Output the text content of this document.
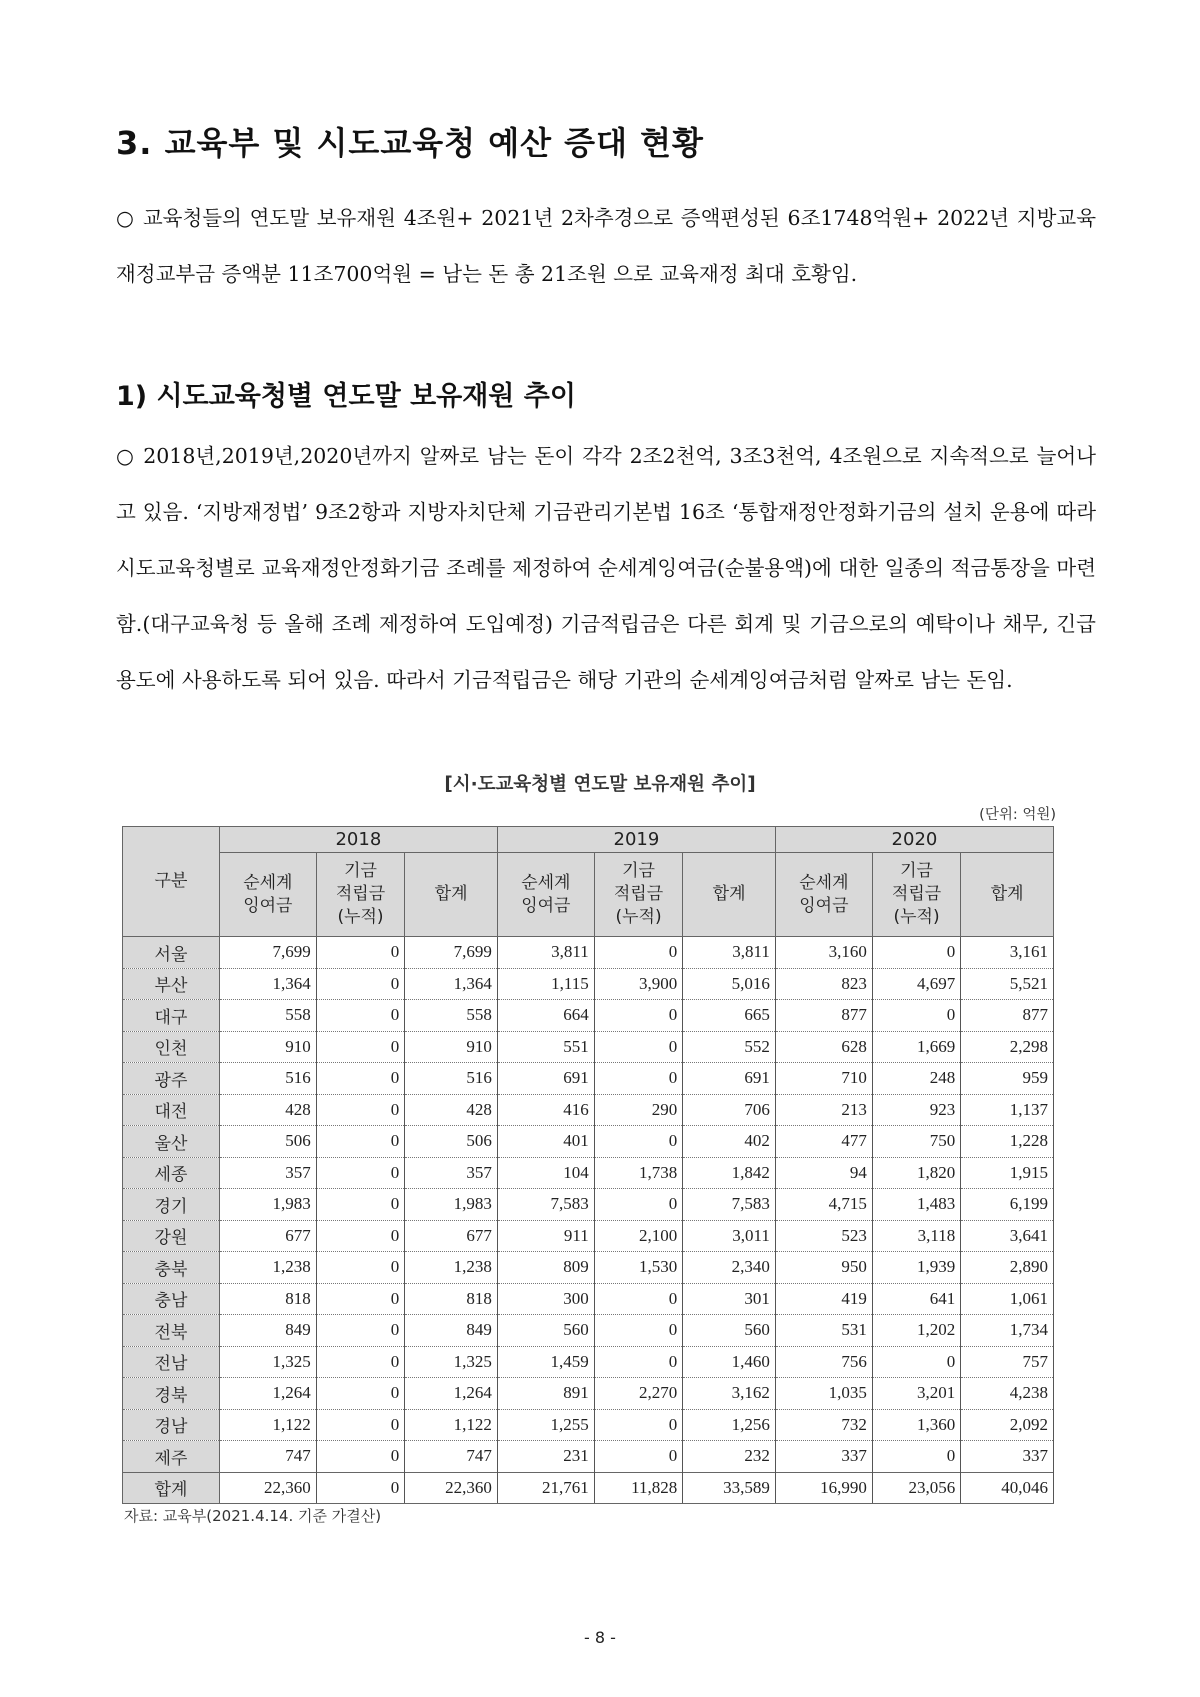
3. 교육부 및 시도교육청 예산 증대 현황

○ 교육청들의 연도말 보유재원 4조원+ 2021년 2차추경으로 증액편성된 6조1748억원+ 2022년 지방교육재정교부금 증액분 11조700억원 = 남는 돈 총 21조원 으로 교육재정 최대 호황임.

1) 시도교육청별 연도말 보유재원 추이

○ 2018년,2019년,2020년까지 알짜로 남는 돈이 각각 2조2천억, 3조3천억, 4조원으로 지속적으로 늘어나고 있음. ‘지방재정법’ 9조2항과 지방자치단체 기금관리기본법 16조 ‘통합재정안정화기금의 설치 운용에 따라 시도교육청별로 교육재정안정화기금 조례를 제정하여 순세계잉여금(순불용액)에 대한 일종의 적금통장을 마련함.(대구교육청 등 올해 조례 제정하여 도입예정) 기금적립금은 다른 회계 및 기금으로의 예탁이나 채무, 긴급용도에 사용하도록 되어 있음. 따라서 기금적립금은 해당 기관의 순세계잉여금처럼 알짜로 남는 돈임.

[시·도교육청별 연도말 보유재원 추이]
(단위: 억원)
구분	2018			2019			2020		
	순세계
잉여금	기금
적립금
(누적)	합계	순세계
잉여금	기금
적립금
(누적)	합계	순세계
잉여금	기금
적립금
(누적)	합계
서울	7,699	0	7,699	3,811	0	3,811	3,160	0	3,161
부산	1,364	0	1,364	1,115	3,900	5,016	823	4,697	5,521
대구	558	0	558	664	0	665	877	0	877
인천	910	0	910	551	0	552	628	1,669	2,298
광주	516	0	516	691	0	691	710	248	959
대전	428	0	428	416	290	706	213	923	1,137
울산	506	0	506	401	0	402	477	750	1,228
세종	357	0	357	104	1,738	1,842	94	1,820	1,915
경기	1,983	0	1,983	7,583	0	7,583	4,715	1,483	6,199
강원	677	0	677	911	2,100	3,011	523	3,118	3,641
충북	1,238	0	1,238	809	1,530	2,340	950	1,939	2,890
충남	818	0	818	300	0	301	419	641	1,061
전북	849	0	849	560	0	560	531	1,202	1,734
전남	1,325	0	1,325	1,459	0	1,460	756	0	757
경북	1,264	0	1,264	891	2,270	3,162	1,035	3,201	4,238
경남	1,122	0	1,122	1,255	0	1,256	732	1,360	2,092
제주	747	0	747	231	0	232	337	0	337
합계	22,360	0	22,360	21,761	11,828	33,589	16,990	23,056	40,046
자료: 교육부(2021.4.14. 기준 가결산)
- 8 -
